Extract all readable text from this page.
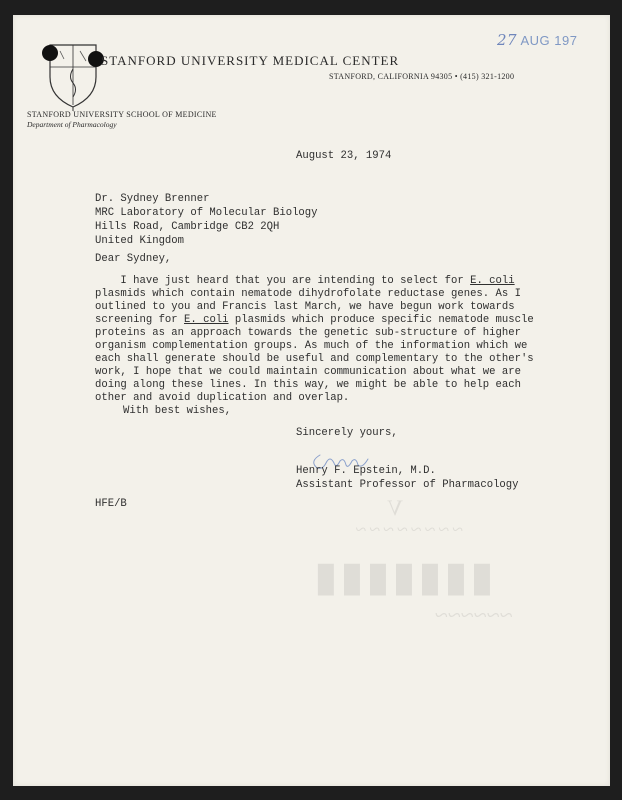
STANFORD UNIVERSITY MEDICAL CENTER
STANFORD, CALIFORNIA 94305 • (415) 321-1200
STANFORD UNIVERSITY SCHOOL OF MEDICINE
Department of Pharmacology
27 AUG 197
V
~~~~~~~~
▮▮▮▮▮▮▮
~~~~~~
August 23, 1974
Dr. Sydney Brenner
MRC Laboratory of Molecular Biology
Hills Road, Cambridge CB2 2QH
United Kingdom
Dear Sydney,
I have just heard that you are intending to select for E. coli
plasmids which contain nematode dihydrofolate reductase genes. As I
outlined to you and Francis last March, we have begun work towards
screening for E. coli plasmids which produce specific nematode muscle
proteins as an approach towards the genetic sub-structure of higher
organism complementation groups. As much of the information which we
each shall generate should be useful and complementary to the other's
work, I hope that we could maintain communication about what we are
doing along these lines. In this way, we might be able to help each
other and avoid duplication and overlap.
With best wishes,
Sincerely yours,
Henry F. Epstein, M.D.
Assistant Professor of Pharmacology
HFE/B
